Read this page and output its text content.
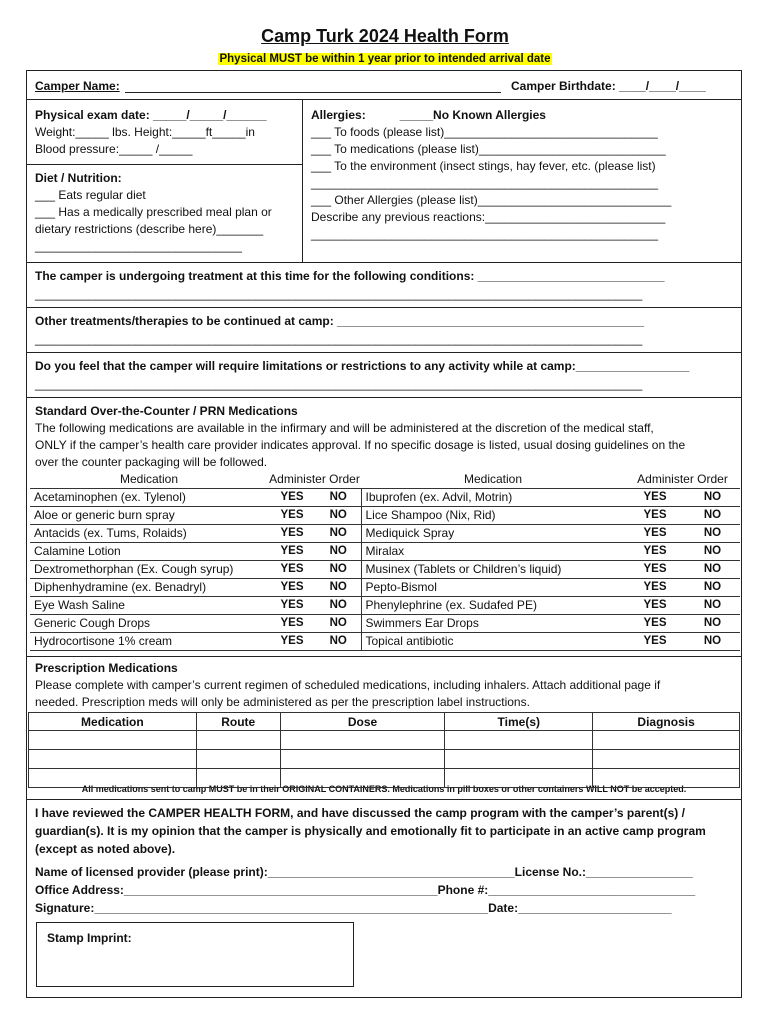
Camp Turk 2024 Health Form
Physical MUST be within 1 year prior to intended arrival date
Camper Name:	Camper Birthdate: ____/____/____
Physical exam date: _____/_____/______
Weight:_____ lbs. Height:_____ft_____in
Blood pressure:_____ /_____
Diet / Nutrition:
___ Eats regular diet
___ Has a medically prescribed meal plan or
dietary restrictions (describe here)_______
_______________________________
Allergies:	_____No Known Allergies
___ To foods (please list)________________________________
___ To medications (please list)____________________________
___ To the environment (insect stings, hay fever, etc. (please list)
____________________________________________________
___ Other Allergies (please list)_____________________________
Describe any previous reactions:___________________________
____________________________________________________
The camper is undergoing treatment at this time for the following conditions: ____________________________
___________________________________________________________________________________________
Other treatments/therapies to be continued at camp: ______________________________________________
___________________________________________________________________________________________
Do you feel that the camper will require limitations or restrictions to any activity while at camp:_________________
___________________________________________________________________________________________
Standard Over-the-Counter / PRN Medications
The following medications are available in the infirmary and will be administered at the discretion of the medical staff,
ONLY if the camper’s health care provider indicates approval. If no specific dosage is listed, usual dosing guidelines on the
over the counter packaging will be followed.
Medication	Administer Order		Medication	Administer Order	
Acetaminophen (ex. Tylenol)	YES	NO	Ibuprofen (ex. Advil, Motrin)	YES	NO
Aloe or generic burn spray	YES	NO	Lice Shampoo (Nix, Rid)	YES	NO
Antacids (ex. Tums, Rolaids)	YES	NO	Mediquick Spray	YES	NO
Calamine Lotion	YES	NO	Miralax	YES	NO
Dextromethorphan (Ex. Cough syrup)	YES	NO	Musinex (Tablets or Children’s liquid)	YES	NO
Diphenhydramine (ex. Benadryl)	YES	NO	Pepto-Bismol	YES	NO
Eye Wash Saline	YES	NO	Phenylephrine (ex. Sudafed PE)	YES	NO
Generic Cough Drops	YES	NO	Swimmers Ear Drops	YES	NO
Hydrocortisone 1% cream	YES	NO	Topical antibiotic	YES	NO
Prescription Medications
Please complete with camper’s current regimen of scheduled medications, including inhalers. Attach additional page if
needed. Prescription meds will only be administered as per the prescription label instructions.
All medications sent to camp MUST be in their ORIGINAL CONTAINERS. Medications in pill boxes or other containers WILL NOT be accepted.
Medication	Route	Dose	Time(s)	Diagnosis

I have reviewed the CAMPER HEALTH FORM, and have discussed the camp program with the camper’s parent(s) /
guardian(s). It is my opinion that the camper is physically and emotionally fit to participate in an active camp program
(except as noted above).
Name of licensed provider (please print):_____________________________________License No.:________________
Office Address:_______________________________________________Phone #:_______________________________
Signature:___________________________________________________________Date:_______________________
Stamp Imprint:
